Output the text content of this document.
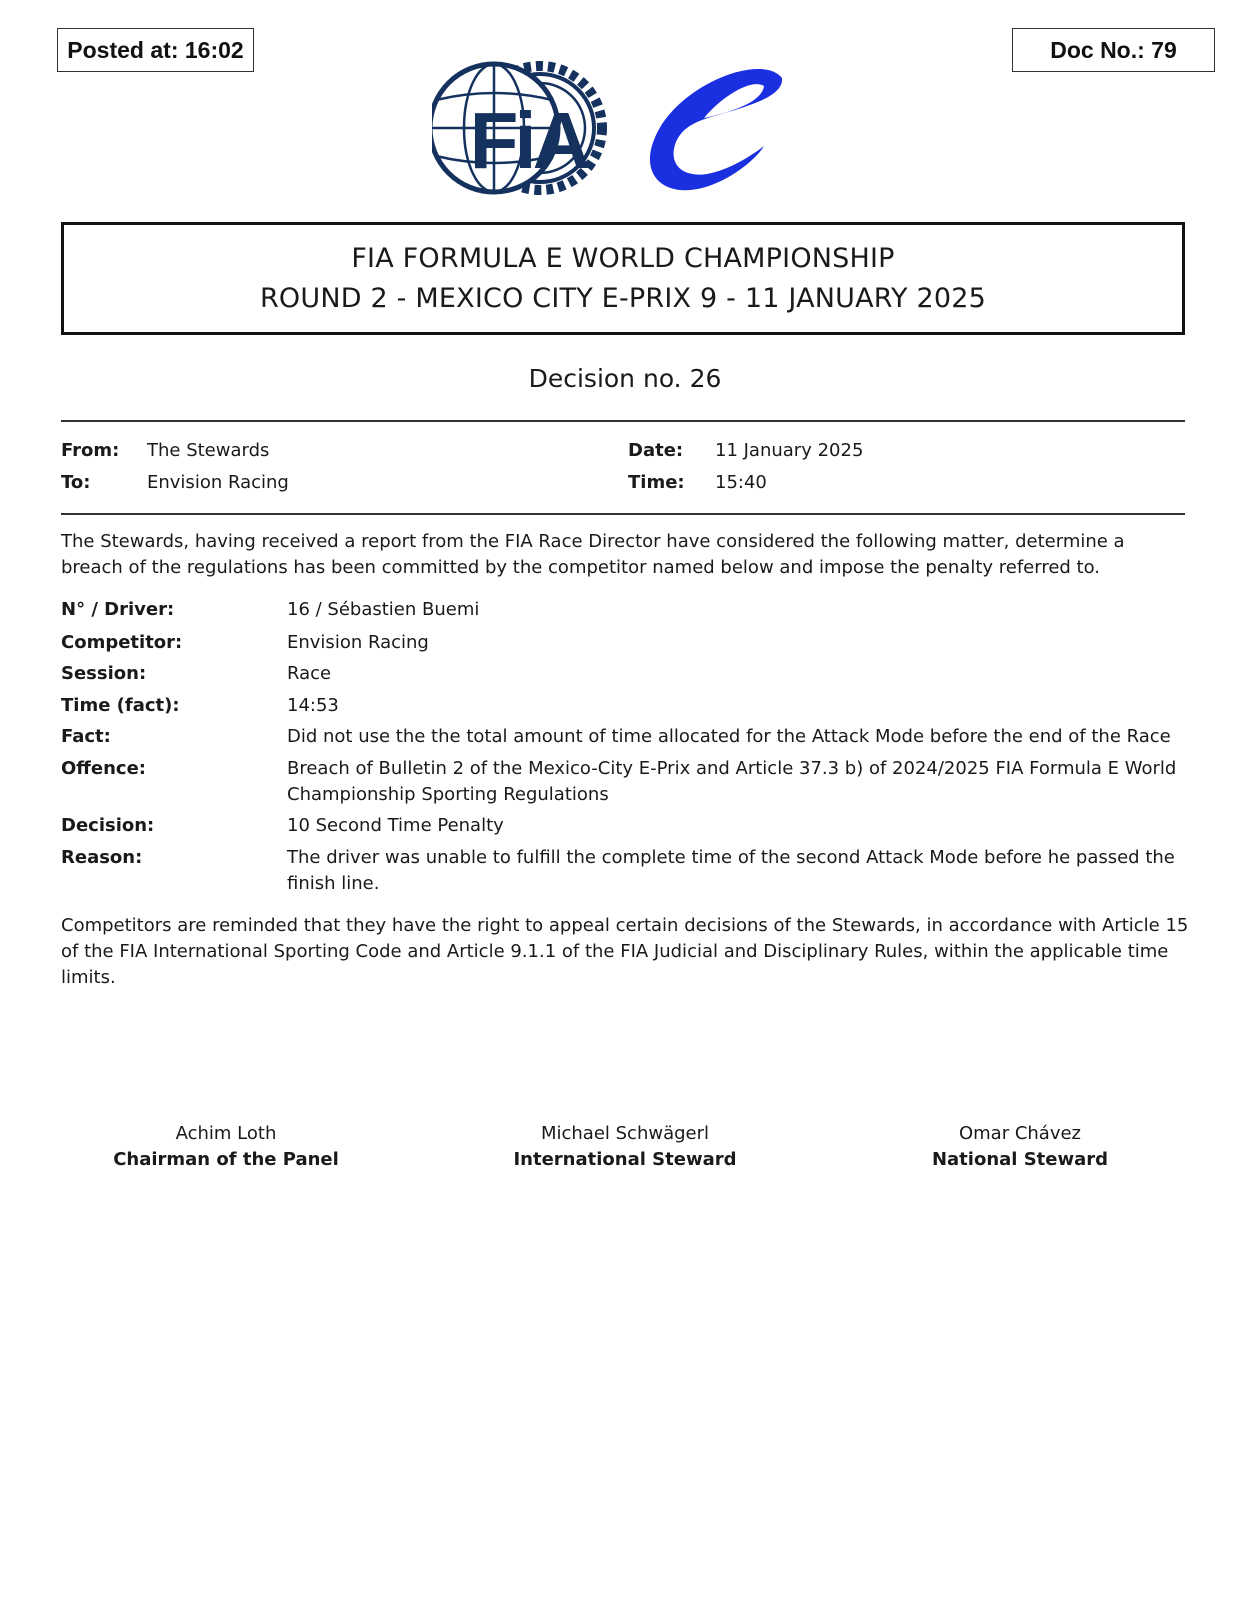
Posted at: 16:02	Doc No.: 79
FiA
FIA FORMULA E WORLD CHAMPIONSHIP
ROUND 2 - MEXICO CITY E-PRIX 9 - 11 JANUARY 2025
Decision no. 26
From: The Stewards
To:	Envision Racing
Date: 11 January 2025
Time: 15:40
The Stewards, having received a report from the FIA Race Director have considered the following matter, determine a breach of the regulations has been committed by the competitor named below and impose the penalty referred to.
N° / Driver:	16 / Sébastien Buemi
Competitor:	Envision Racing
Session:	Race
Time (fact):	14:53
Fact:	Did not use the the total amount of time allocated for the Attack Mode before the end of the Race
Offence:	Breach of Bulletin 2 of the Mexico-City E-Prix and Article 37.3 b) of 2024/2025 FIA Formula E World Championship Sporting Regulations
Decision:	10 Second Time Penalty
Reason:	The driver was unable to fulfill the complete time of the second Attack Mode before he passed the finish line.
Competitors are reminded that they have the right to appeal certain decisions of the Stewards, in accordance with Article 15 of the FIA International Sporting Code and Article 9.1.1 of the FIA Judicial and Disciplinary Rules, within the applicable time limits.
Achim Loth
Chairman of the Panel
Michael Schwägerl
International Steward
Omar Chávez
National Steward
